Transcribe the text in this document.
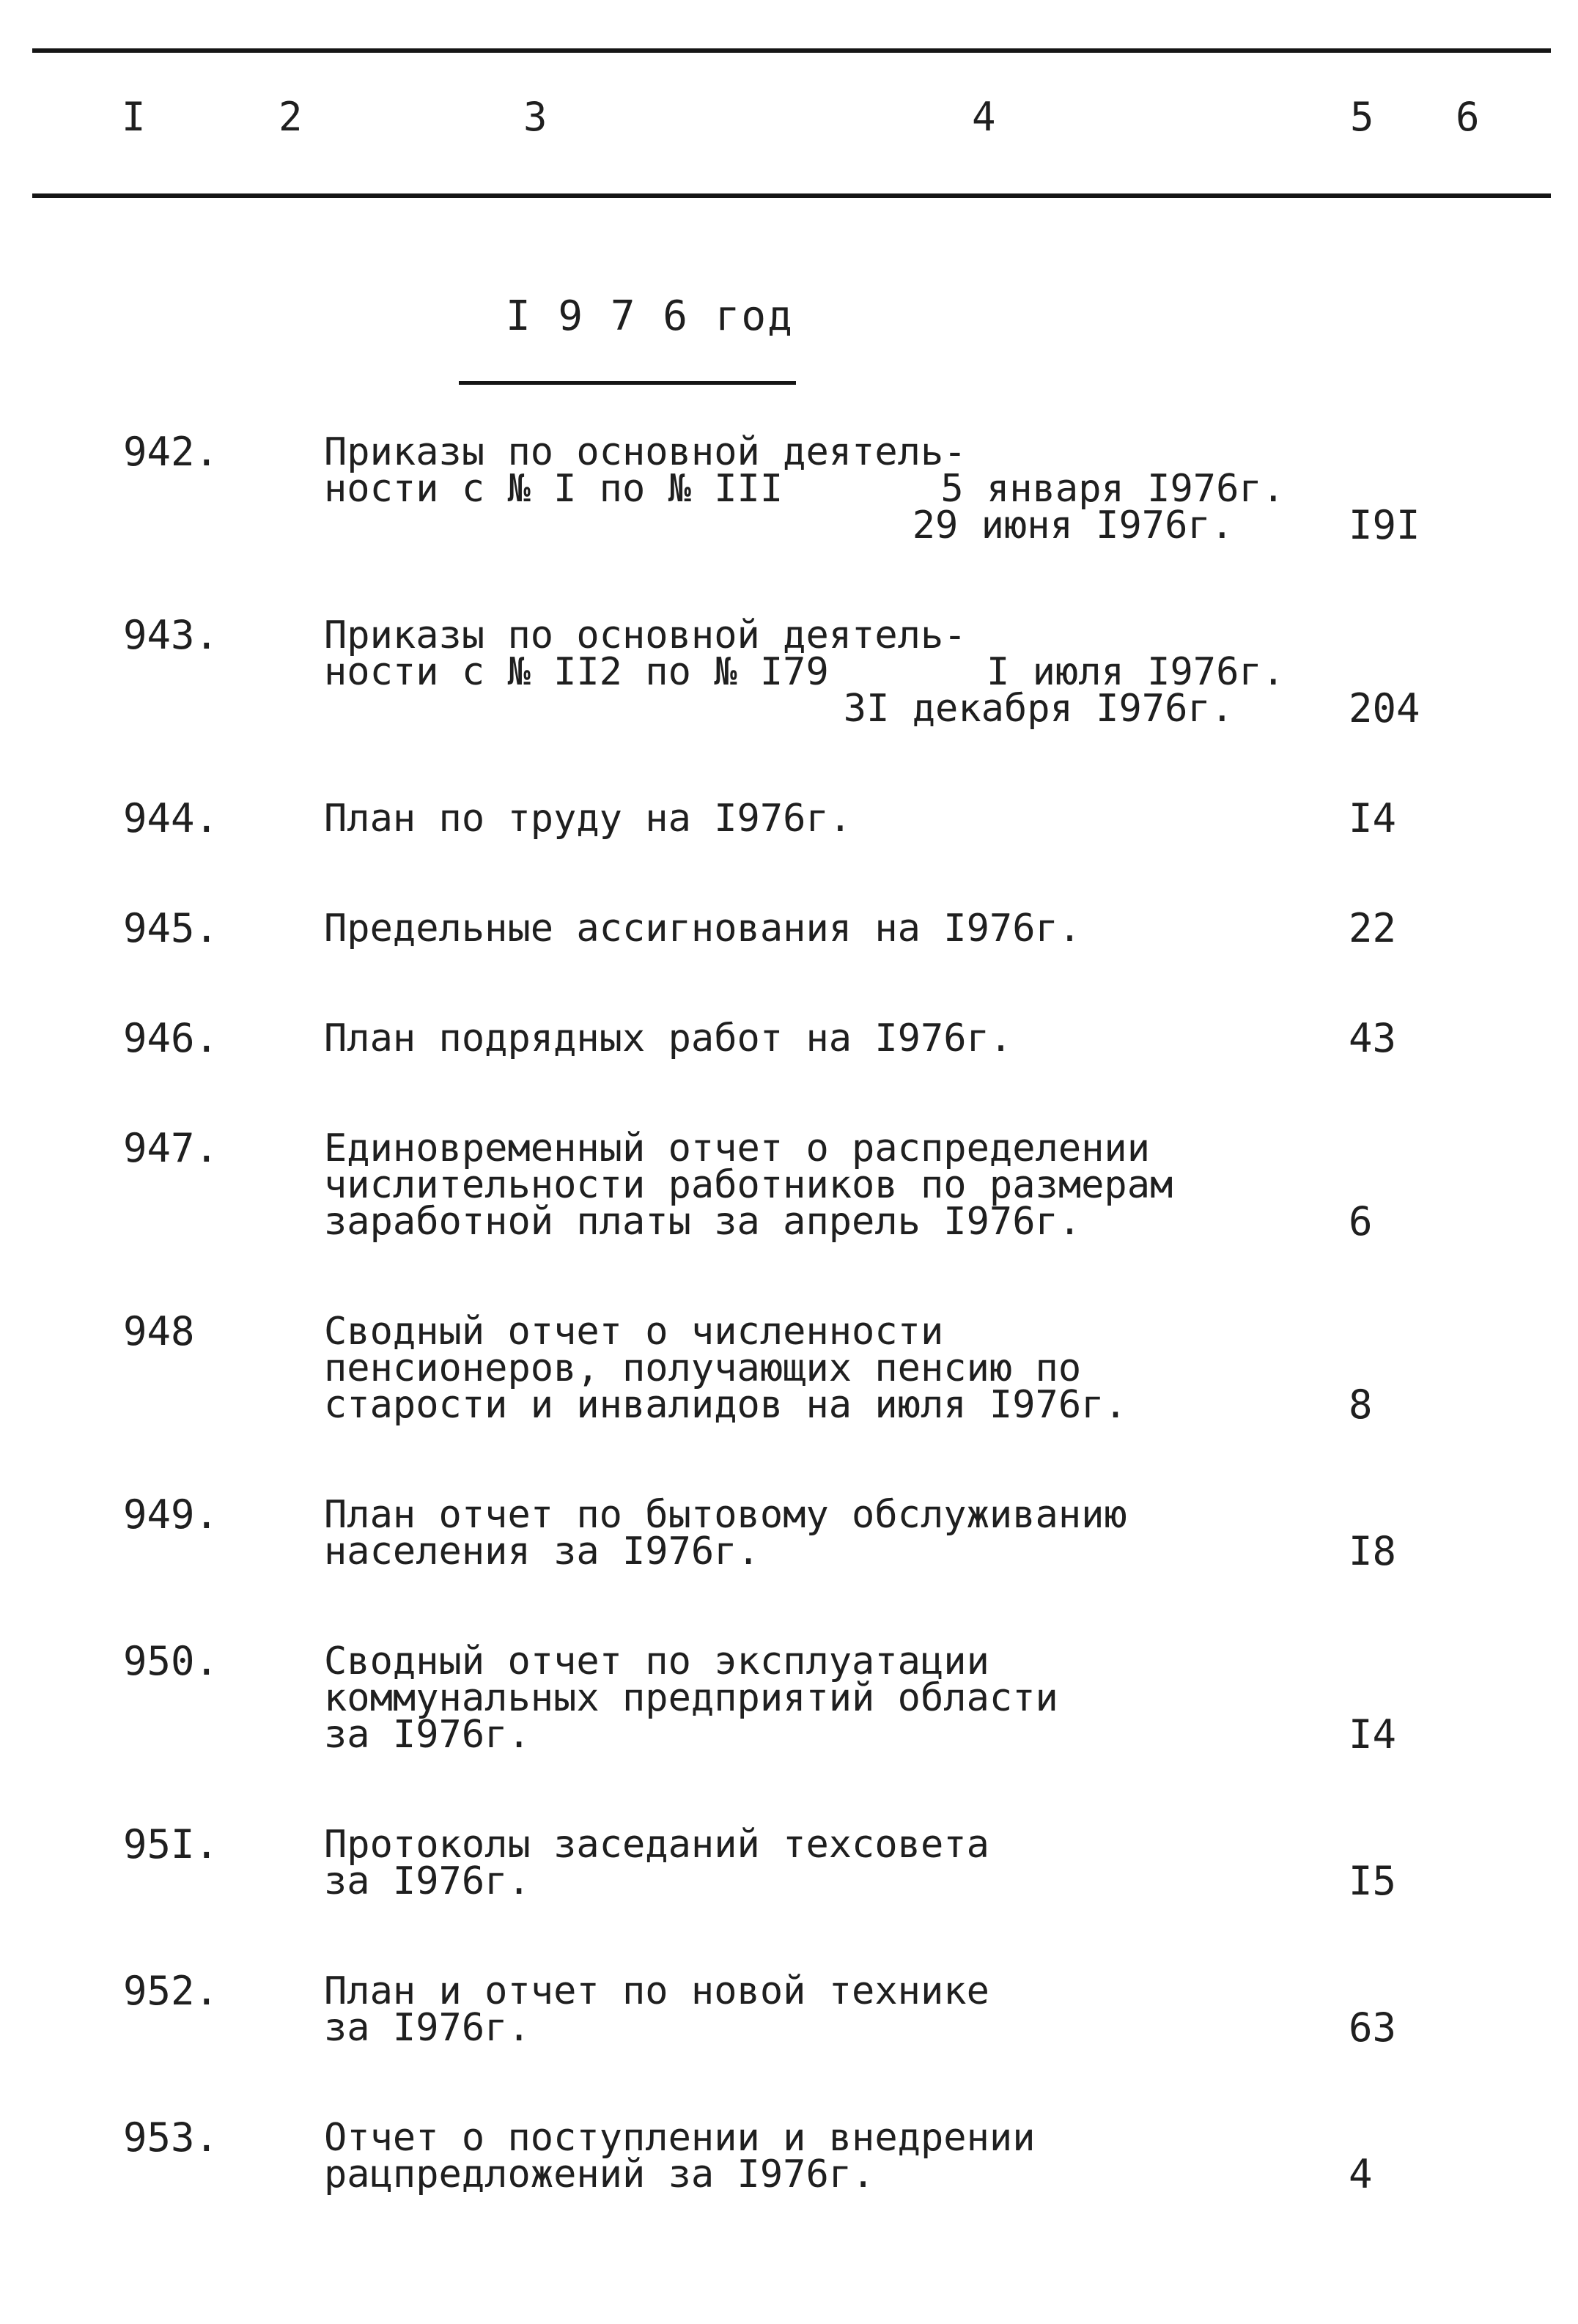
I	2	3	4	5 6
I 9 7 6 год
942.	Приказы по основной деятель-
ности с № I по № III	5 января I976г.
29 июня I976г.	I9I
943.	Приказы по основной деятель-
ности с № II2 по № I79	I июля I976г.
3I декабря I976г.	204
944.	План по труду на I976г.	I4
945.	Предельные ассигнования на I976г.	22
946.	План подрядных работ на I976г.	43
947.	Единовременный отчет о распределении
числительности работников по размерам
заработной платы за апрель I976г.	6
948	Сводный отчет о численности
пенсионеров, получающих пенсию по
старости и инвалидов на июля I976г.	8
949.	План отчет по бытовому обслуживанию
населения за I976г.	I8
950.	Сводный отчет по эксплуатации
коммунальных предприятий области
за I976г.	I4
95I.	Протоколы заседаний техсовета
за I976г.	I5
952.	План и отчет по новой технике
за I976г.	63
953.	Отчет о поступлении и внедрении
рацпредложений за I976г.	4
